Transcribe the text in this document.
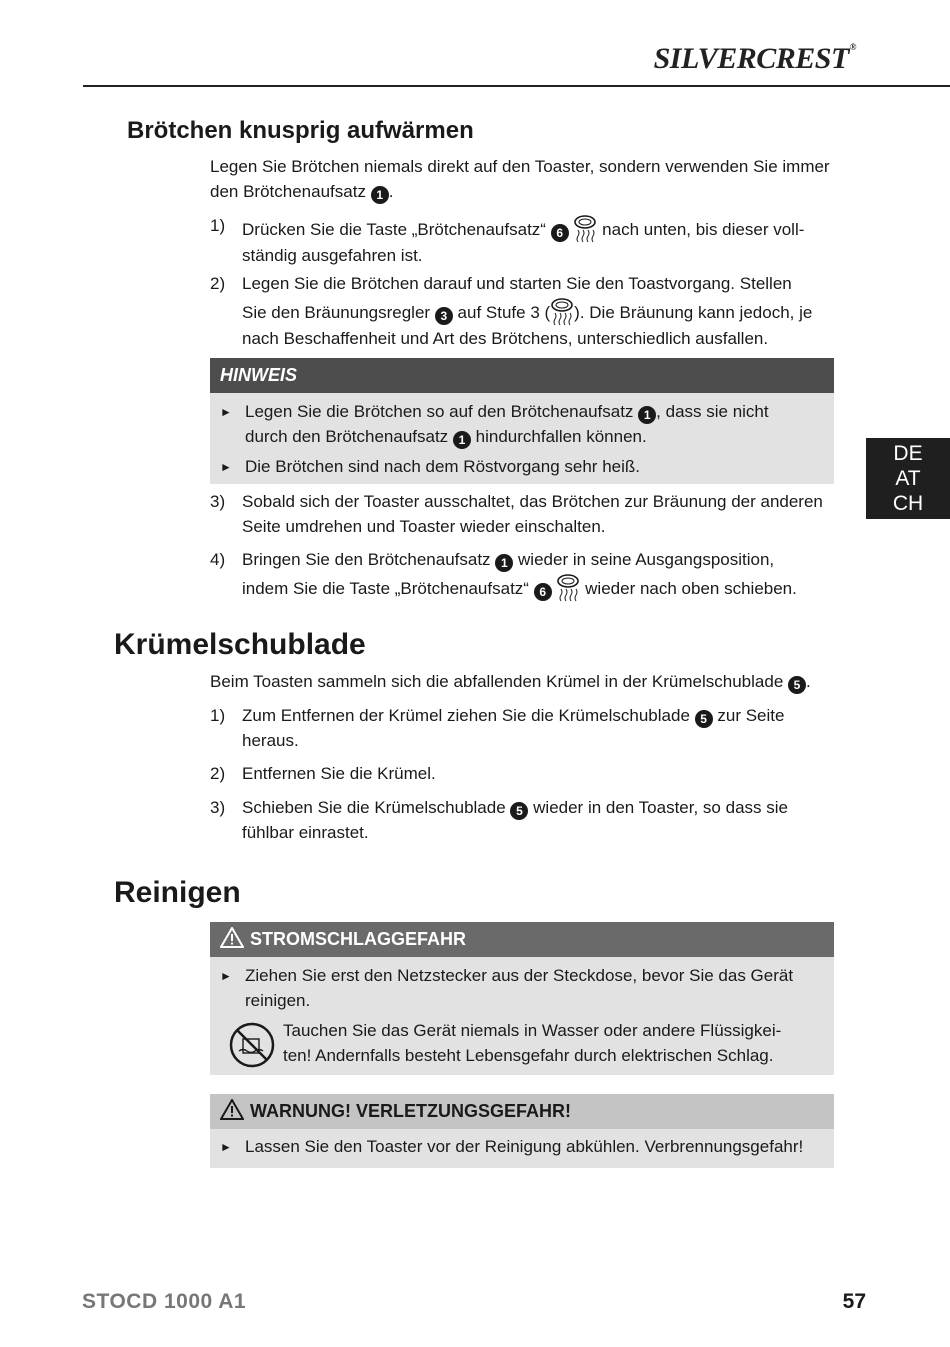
SILVERCREST®
DE
AT
CH
Brötchen knusprig aufwärmen
Legen Sie Brötchen niemals direkt auf den Toaster, sondern verwenden Sie immer
den Brötchenaufsatz 1 .
1) Drücken Sie die Taste „Brötchenaufsatz“ 6 nach unten, bis dieser voll-
ständig ausgefahren ist.
2) Legen Sie die Brötchen darauf und starten Sie den Toastvorgang. Stellen
Sie den Bräunungsregler 3 auf Stufe 3 ( ). Die Bräunung kann jedoch, je
nach Beschaffenheit und Art des Brötchens, unterschiedlich ausfallen.
HINWEIS
► Legen Sie die Brötchen so auf den Brötchenaufsatz 1 , dass sie nicht
durch den Brötchenaufsatz 1 hindurchfallen können.
► Die Brötchen sind nach dem Röstvorgang sehr heiß.
3) Sobald sich der Toaster ausschaltet, das Brötchen zur Bräunung der anderen
Seite umdrehen und Toaster wieder einschalten.
4) Bringen Sie den Brötchenaufsatz 1 wieder in seine Ausgangsposition,
indem Sie die Taste „Brötchenaufsatz“ 6 wieder nach oben schieben.
Krümelschublade
Beim Toasten sammeln sich die abfallenden Krümel in der Krümelschublade 5 .
1) Zum Entfernen der Krümel ziehen Sie die Krümelschublade 5 zur Seite
heraus.
2) Entfernen Sie die Krümel.
3) Schieben Sie die Krümelschublade 5 wieder in den Toaster, so dass sie
fühlbar einrastet.
Reinigen
STROMSCHLAGGEFAHR
► Ziehen Sie erst den Netzstecker aus der Steckdose, bevor Sie das Gerät
reinigen.
Tauchen Sie das Gerät niemals in Wasser oder andere Flüssigkei-
ten! Andernfalls besteht Lebensgefahr durch elektrischen Schlag.
WARNUNG! VERLETZUNGSGEFAHR!
► Lassen Sie den Toaster vor der Reinigung abkühlen. Verbrennungsgefahr!
STOCD 1000 A1	57
